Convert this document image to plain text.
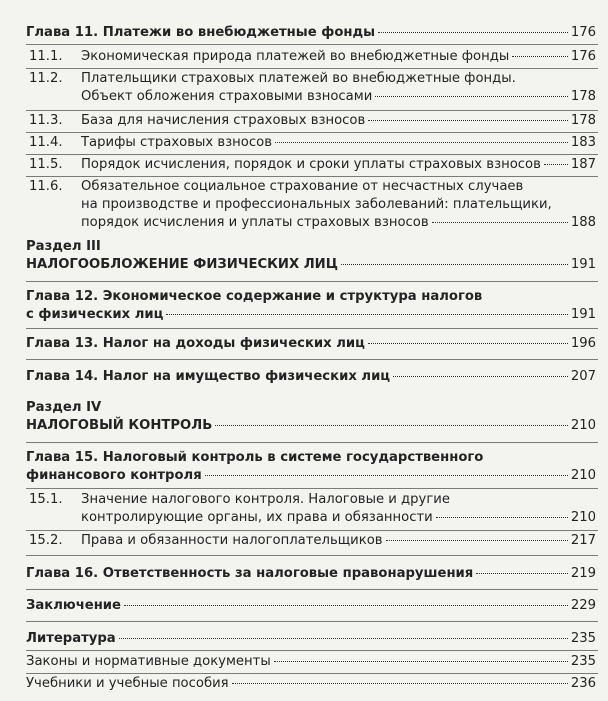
Глава 11. Платежи во внебюджетные фонды	176
11.1. Экономическая природа платежей во внебюджетные фонды	176
11.2. Плательщики страховых платежей во внебюджетные фонды.
Объект обложения страховыми взносами	178
11.3. База для начисления страховых взносов	178
11.4. Тарифы страховых взносов	183
11.5. Порядок исчисления, порядок и сроки уплаты страховых взносов 187
11.6. Обязательное социальное страхование от несчастных случаев
на производстве и профессиональных заболеваний: плательщики,
порядок исчисления и уплаты страховых взносов	188
Раздел III
НАЛОГООБЛОЖЕНИЕ ФИЗИЧЕСКИХ ЛИЦ	191
Глава 12. Экономическое содержание и структура налогов
с физических лиц	191
Глава 13. Налог на доходы физических лиц	196
Глава 14. Налог на имущество физических лиц	207
Раздел IV
НАЛОГОВЫЙ КОНТРОЛЬ	210
Глава 15. Налоговый контроль в системе государственного
финансового контроля	210
15.1. Значение налогового контроля. Налоговые и другие
контролирующие органы, их права и обязанности	210
15.2. Права и обязанности налогоплательщиков	217
Глава 16. Ответственность за налоговые правонарушения	219
Заключение	229
Литература	235
Законы и нормативные документы	235
Учебники и учебные пособия	236
